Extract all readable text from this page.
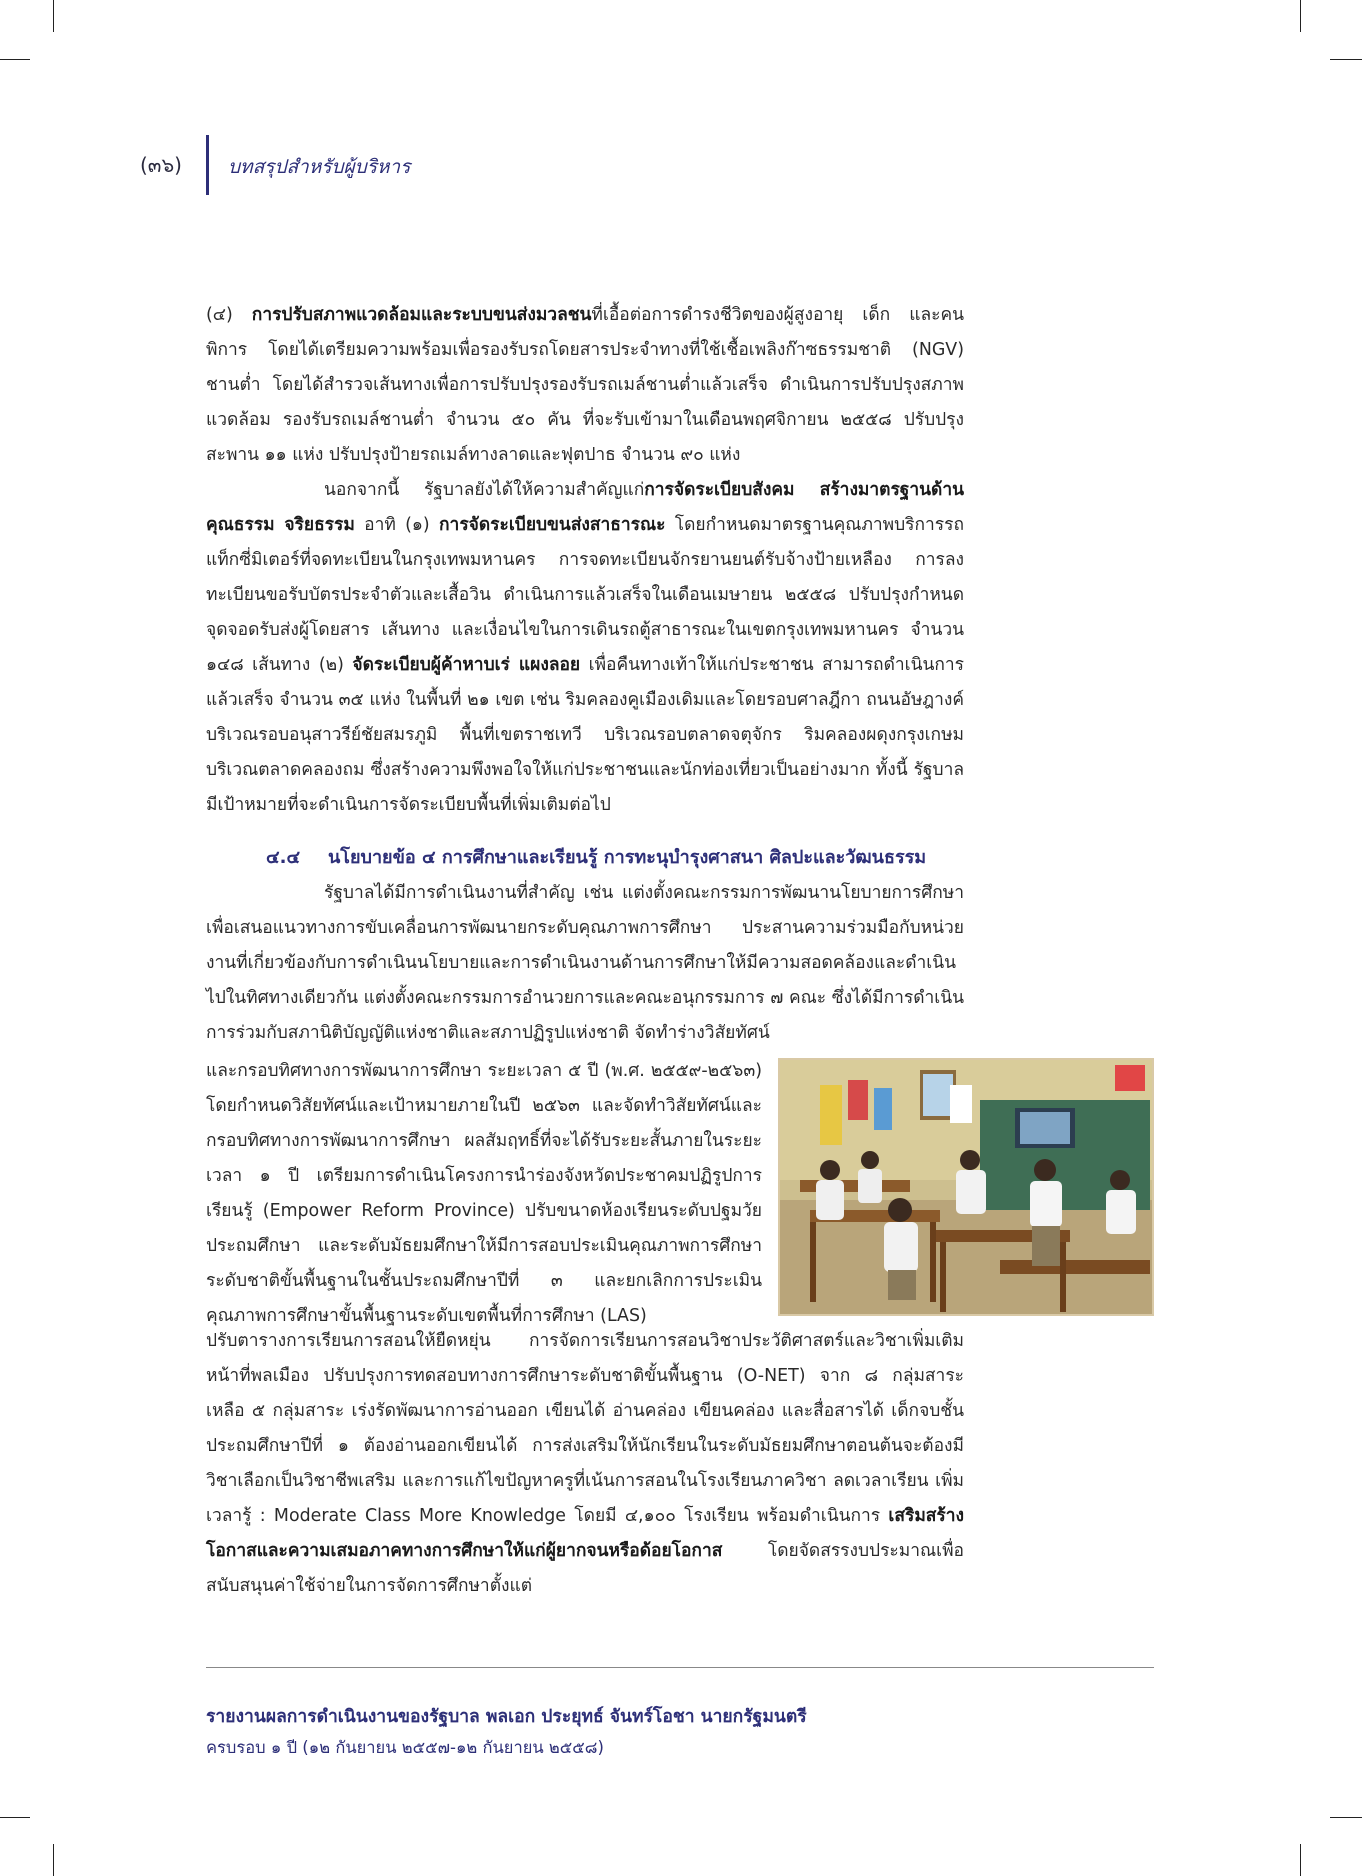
(๓๖) บทสรุปสำหรับผู้บริหาร

(๔) การปรับสภาพแวดล้อมและระบบขนส่งมวลชนที่เอื้อต่อการดำรงชีวิตของผู้สูงอายุ เด็ก และคนพิการ โดยได้เตรียมความพร้อมเพื่อรองรับรถโดยสารประจำทางที่ใช้เชื้อเพลิงก๊าซธรรมชาติ (NGV) ชานต่ำ โดยได้สำรวจเส้นทางเพื่อการปรับปรุงรองรับรถเมล์ชานต่ำแล้วเสร็จ ดำเนินการปรับปรุงสภาพแวดล้อม รองรับรถเมล์ชานต่ำ จำนวน ๕๐ คัน ที่จะรับเข้ามาในเดือนพฤศจิกายน ๒๕๕๘ ปรับปรุงสะพาน ๑๑ แห่ง ปรับปรุงป้ายรถเมล์ทางลาดและฟุตปาธ จำนวน ๙๐ แห่ง

นอกจากนี้ รัฐบาลยังได้ให้ความสำคัญแก่การจัดระเบียบสังคม สร้างมาตรฐานด้านคุณธรรม จริยธรรม อาทิ (๑) การจัดระเบียบขนส่งสาธารณะ โดยกำหนดมาตรฐานคุณภาพบริการรถแท็กซี่มิเตอร์ที่จดทะเบียนในกรุงเทพมหานคร การจดทะเบียนจักรยานยนต์รับจ้างป้ายเหลือง การลงทะเบียนขอรับบัตรประจำตัวและเสื้อวิน ดำเนินการแล้วเสร็จในเดือนเมษายน ๒๕๕๘ ปรับปรุงกำหนดจุดจอดรับส่งผู้โดยสาร เส้นทาง และเงื่อนไขในการเดินรถตู้สาธารณะในเขตกรุงเทพมหานคร จำนวน ๑๔๘ เส้นทาง (๒) จัดระเบียบผู้ค้าหาบเร่ แผงลอย เพื่อคืนทางเท้าให้แก่ประชาชน สามารถดำเนินการแล้วเสร็จ จำนวน ๓๕ แห่ง ในพื้นที่ ๒๑ เขต เช่น ริมคลองคูเมืองเดิมและโดยรอบศาลฎีกา ถนนอัษฎางค์ บริเวณรอบอนุสาวรีย์ชัยสมรภูมิ พื้นที่เขตราชเทวี บริเวณรอบตลาดจตุจักร ริมคลองผดุงกรุงเกษม บริเวณตลาดคลองถม ซึ่งสร้างความพึงพอใจให้แก่ประชาชนและนักท่องเที่ยวเป็นอย่างมาก ทั้งนี้ รัฐบาลมีเป้าหมายที่จะดำเนินการจัดระเบียบพื้นที่เพิ่มเติมต่อไป

๔.๔ นโยบายข้อ ๔ การศึกษาและเรียนรู้ การทะนุบำรุงศาสนา ศิลปะและวัฒนธรรม

รัฐบาลได้มีการดำเนินงานที่สำคัญ เช่น แต่งตั้งคณะกรรมการพัฒนานโยบายการศึกษาเพื่อเสนอแนวทางการขับเคลื่อนการพัฒนายกระดับคุณภาพการศึกษา ประสานความร่วมมือกับหน่วยงานที่เกี่ยวข้องกับการดำเนินนโยบายและการดำเนินงานด้านการศึกษาให้มีความสอดคล้องและดำเนินไปในทิศทางเดียวกัน แต่งตั้งคณะกรรมการอำนวยการและคณะอนุกรรมการ ๗ คณะ ซึ่งได้มีการดำเนินการร่วมกับสภานิติบัญญัติแห่งชาติและสภาปฏิรูปแห่งชาติ จัดทำร่างวิสัยทัศน์

และกรอบทิศทางการพัฒนาการศึกษา ระยะเวลา ๕ ปี (พ.ศ. ๒๕๕๙-๒๕๖๓) โดยกำหนดวิสัยทัศน์และเป้าหมายภายในปี ๒๕๖๓ และจัดทำวิสัยทัศน์และกรอบทิศทางการพัฒนาการศึกษา ผลสัมฤทธิ์ที่จะได้รับระยะสั้นภายในระยะเวลา ๑ ปี เตรียมการดำเนินโครงการนำร่องจังหวัดประชาคมปฏิรูปการเรียนรู้ (Empower Reform Province) ปรับขนาดห้องเรียนระดับปฐมวัย ประถมศึกษา และระดับมัธยมศึกษาให้มีการสอบประเมินคุณภาพการศึกษาระดับชาติขั้นพื้นฐานในชั้นประถมศึกษาปีที่ ๓ และยกเลิกการประเมินคุณภาพการศึกษาขั้นพื้นฐานระดับเขตพื้นที่การศึกษา (LAS)

ปรับตารางการเรียนการสอนให้ยืดหยุ่น การจัดการเรียนการสอนวิชาประวัติศาสตร์และวิชาเพิ่มเติมหน้าที่พลเมือง ปรับปรุงการทดสอบทางการศึกษาระดับชาติขั้นพื้นฐาน (O-NET) จาก ๘ กลุ่มสาระ เหลือ ๕ กลุ่มสาระ เร่งรัดพัฒนาการอ่านออก เขียนได้ อ่านคล่อง เขียนคล่อง และสื่อสารได้ เด็กจบชั้นประถมศึกษาปีที่ ๑ ต้องอ่านออกเขียนได้ การส่งเสริมให้นักเรียนในระดับมัธยมศึกษาตอนต้นจะต้องมีวิชาเลือกเป็นวิชาชีพเสริม และการแก้ไขปัญหาครูที่เน้นการสอนในโรงเรียนภาควิชา ลดเวลาเรียน เพิ่มเวลารู้ : Moderate Class More Knowledge โดยมี ๔,๑๐๐ โรงเรียน พร้อมดำเนินการ เสริมสร้างโอกาสและความเสมอภาคทางการศึกษาให้แก่ผู้ยากจนหรือด้อยโอกาส โดยจัดสรรงบประมาณเพื่อสนับสนุนค่าใช้จ่ายในการจัดการศึกษาตั้งแต่

รายงานผลการดำเนินงานของรัฐบาล พลเอก ประยุทธ์ จันทร์โอชา นายกรัฐมนตรี
ครบรอบ ๑ ปี (๑๒ กันยายน ๒๕๕๗-๑๒ กันยายน ๒๕๕๘)
